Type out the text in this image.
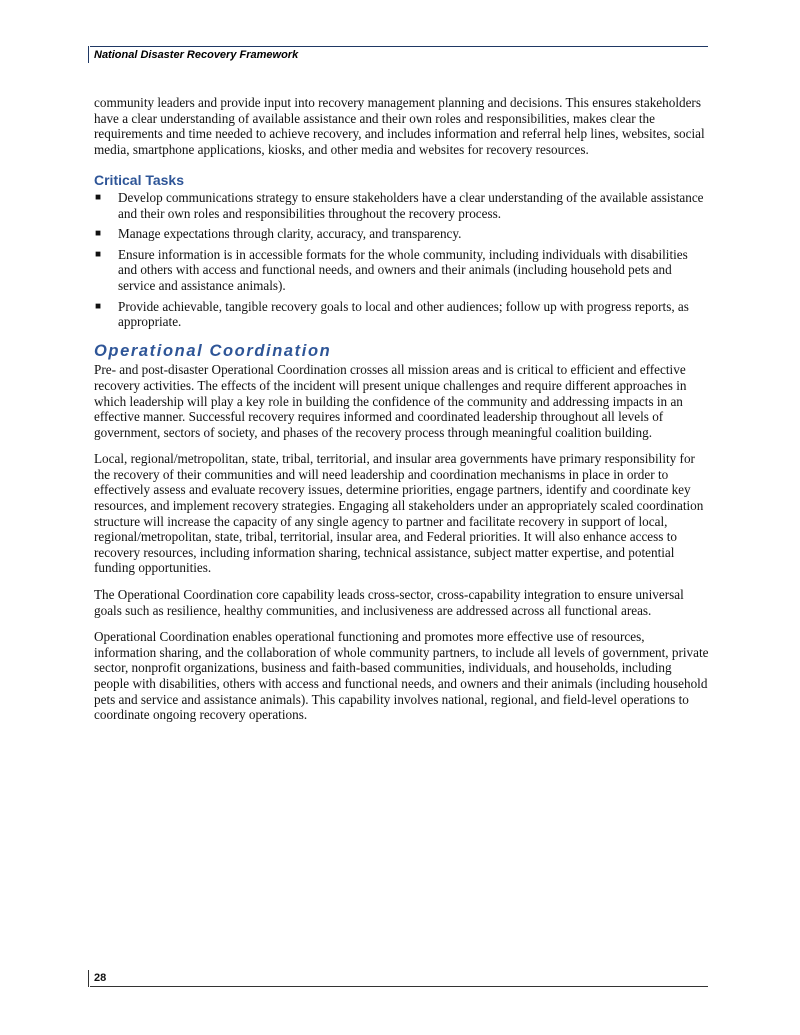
National Disaster Recovery Framework

community leaders and provide input into recovery management planning and decisions. This ensures stakeholders have a clear understanding of available assistance and their own roles and responsibilities, makes clear the requirements and time needed to achieve recovery, and includes information and referral help lines, websites, social media, smartphone applications, kiosks, and other media and websites for recovery resources.

Critical Tasks
■ Develop communications strategy to ensure stakeholders have a clear understanding of the available assistance and their own roles and responsibilities throughout the recovery process.
■ Manage expectations through clarity, accuracy, and transparency.
■ Ensure information is in accessible formats for the whole community, including individuals with disabilities and others with access and functional needs, and owners and their animals (including household pets and service and assistance animals).
■ Provide achievable, tangible recovery goals to local and other audiences; follow up with progress reports, as appropriate.
Operational Coordination

Pre- and post-disaster Operational Coordination crosses all mission areas and is critical to efficient and effective recovery activities. The effects of the incident will present unique challenges and require different approaches in which leadership will play a key role in building the confidence of the community and addressing impacts in an effective manner. Successful recovery requires informed and coordinated leadership throughout all levels of government, sectors of society, and phases of the recovery process through meaningful coalition building.

Local, regional/metropolitan, state, tribal, territorial, and insular area governments have primary responsibility for the recovery of their communities and will need leadership and coordination mechanisms in place in order to effectively assess and evaluate recovery issues, determine priorities, engage partners, identify and coordinate key resources, and implement recovery strategies. Engaging all stakeholders under an appropriately scaled coordination structure will increase the capacity of any single agency to partner and facilitate recovery in support of local, regional/metropolitan, state, tribal, territorial, insular area, and Federal priorities. It will also enhance access to recovery resources, including information sharing, technical assistance, subject matter expertise, and potential funding opportunities.

The Operational Coordination core capability leads cross-sector, cross-capability integration to ensure universal goals such as resilience, healthy communities, and inclusiveness are addressed across all functional areas.

Operational Coordination enables operational functioning and promotes more effective use of resources, information sharing, and the collaboration of whole community partners, to include all levels of government, private sector, nonprofit organizations, business and faith-based communities, individuals, and households, including people with disabilities, others with access and functional needs, and owners and their animals (including household pets and service and assistance animals). This capability involves national, regional, and field-level operations to coordinate ongoing recovery operations.

28
